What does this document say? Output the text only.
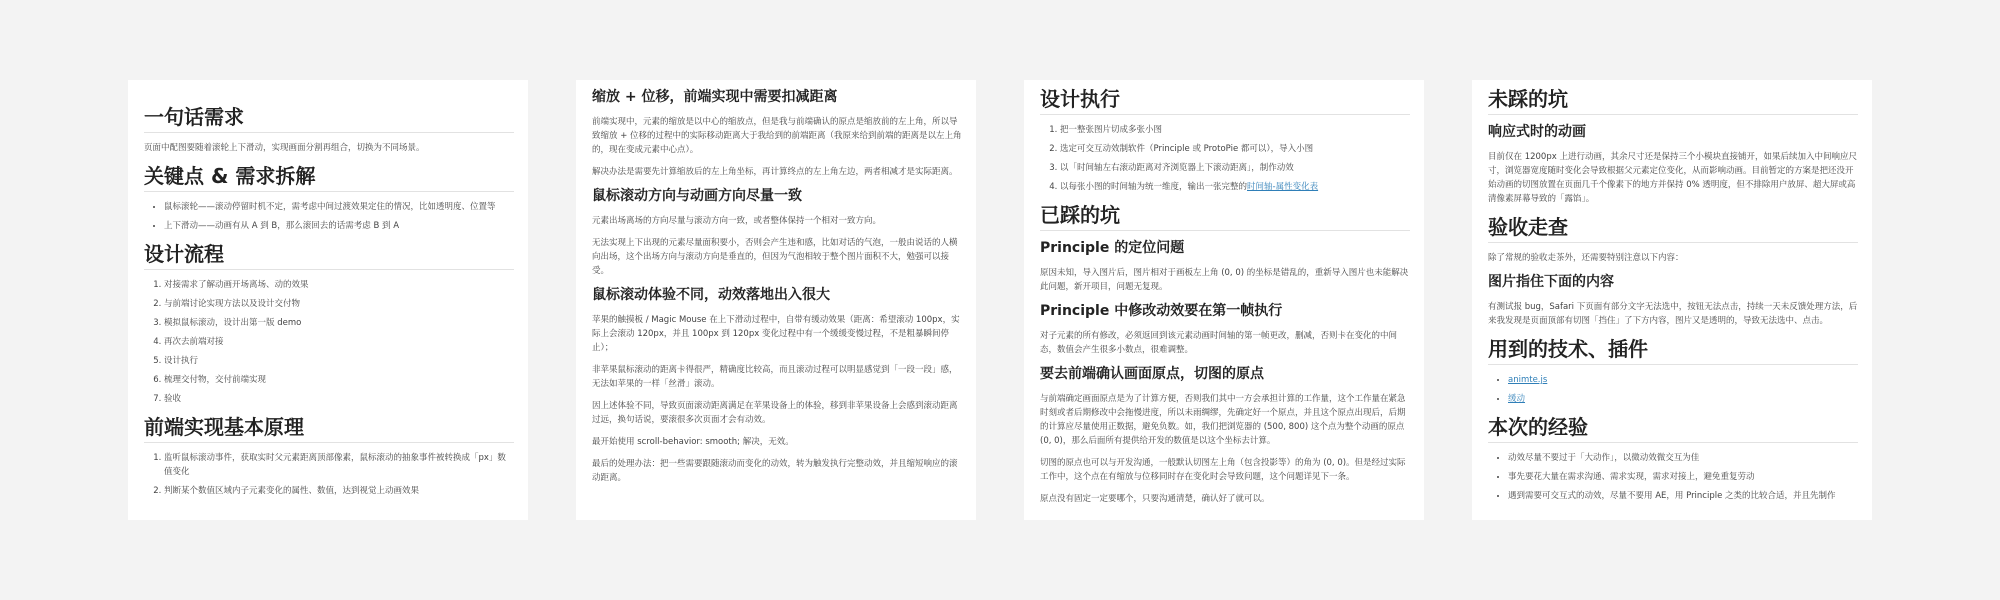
一句话需求

页面中配图要随着滚轮上下滑动，实现画面分割再组合，切换为不同场景。

关键点 & 需求拆解
• 鼠标滚轮——滚动停留时机不定，需考虑中间过渡效果定住的情况，比如透明度、位置等
• 上下滑动——动画有从 A 到 B，那么滚回去的话需考虑 B 到 A
设计流程
1. 对接需求了解动画开场离场、动的效果
2. 与前端讨论实现方法以及设计交付物
3. 模拟鼠标滚动，设计出第一版 demo
4. 再次去前端对接
5. 设计执行
6. 梳理交付物，交付前端实现
7. 验收
前端实现基本原理
1. 监听鼠标滚动事件，获取实时父元素距离顶部像素，鼠标滚动的抽象事件被转换成「px」数值变化
2. 判断某个数值区域内子元素变化的属性、数值，达到视觉上动画效果
缩放 + 位移，前端实现中需要扣减距离

前端实现中，元素的缩放是以中心的缩放点，但是我与前端确认的原点是缩放前的左上角，所以导致缩放 + 位移的过程中的实际移动距离大于我给到的前端距离（我原来给到前端的距离是以左上角的，现在变成元素中心点）。

解决办法是需要先计算缩放后的左上角坐标，再计算终点的左上角左边，两者相减才是实际距离。

鼠标滚动方向与动画方向尽量一致

元素出场离场的方向尽量与滚动方向一致，或者整体保持一个相对一致方向。

无法实现上下出现的元素尽量面积要小，否则会产生违和感，比如对话的气泡，一般由说话的人横向出场，这个出场方向与滚动方向是垂直的，但因为气泡相较于整个图片面积不大，勉强可以接受。

鼠标滚动体验不同，动效落地出入很大

苹果的触摸板 / Magic Mouse 在上下滑动过程中，自带有缓动效果（距离：希望滚动 100px，实际上会滚动 120px，并且 100px 到 120px 变化过程中有一个缓缓变慢过程，不是粗暴瞬间停止）；

非苹果鼠标滚动的距离卡得很严，精确度比较高，而且滚动过程可以明显感觉到「一段一段」感，无法如苹果的一样「丝滑」滚动。

因上述体验不同，导致页面滚动距离满足在苹果设备上的体验，移到非苹果设备上会感到滚动距离过远，换句话说，要滚很多次页面才会有动效。

最开始使用 scroll-behavior: smooth; 解决，无效。

最后的处理办法：把一些需要跟随滚动而变化的动效，转为触发执行完整动效，并且缩短响应的滚动距离。

设计执行
1. 把一整张图片切成多张小图
2. 选定可交互动效制软件（Principle 或 ProtoPie 都可以），导入小图
3. 以「时间轴左右滚动距离对齐浏览器上下滚动距离」，制作动效
4. 以每张小图的时间轴为统一维度，输出一张完整的时间轴-属性变化表
已踩的坑
Principle 的定位问题

原因未知，导入图片后，图片相对于画板左上角 (0, 0) 的坐标是错乱的，重新导入图片也未能解决此问题，新开项目，问题无复现。

Principle 中修改动效要在第一帧执行

对子元素的所有修改，必须返回到该元素动画时间轴的第一帧更改，删减，否则卡在变化的中间态，数值会产生很多小数点，很难调整。

要去前端确认画面原点，切图的原点

与前端确定画面原点是为了计算方便，否则我们其中一方会承担计算的工作量，这个工作量在紧急时刻或者后期修改中会拖慢进度，所以未雨绸缪，先确定好一个原点，并且这个原点出现后，后期的计算应尽量使用正数据，避免负数。如，我们把浏览器的 (500, 800) 这个点为整个动画的原点 (0, 0)，那么后面所有提供给开发的数值是以这个坐标去计算。

切图的原点也可以与开发沟通，一般默认切图左上角（包含投影等）的角为 (0, 0)。但是经过实际工作中，这个点在有缩放与位移同时存在变化时会导致问题，这个问题详见下一条。

原点没有固定一定要哪个，只要沟通清楚，确认好了就可以。

未踩的坑
响应式时的动画

目前仅在 1200px 上进行动画，其余尺寸还是保持三个小模块直接铺开，如果后续加入中间响应尺寸，浏览器宽度随时变化会导致根据父元素定位变化，从而影响动画。目前暂定的方案是把还没开始动画的切图放置在页面几千个像素下的地方并保持 0% 透明度，但不排除用户放屏、超大屏或高清像素屏幕导致的「露馅」。

验收走查

除了常规的验收走茶外，还需要特别注意以下内容：

图片指住下面的内容

有测试报 bug，Safari 下页面有部分文字无法选中，按钮无法点击，持续一天未反馈处理方法，后来我发现是页面顶部有切图「挡住」了下方内容，图片又是透明的，导致无法选中、点击。

用到的技术、插件
• animte.js
• 缓动
本次的经验
• 动效尽量不要过于「大动作」，以微动效微交互为佳
• 事先要花大量在需求沟通、需求实现，需求对接上，避免重复劳动
• 遇到需要可交互式的动效，尽量不要用 AE，用 Principle 之类的比较合适，并且先制作
